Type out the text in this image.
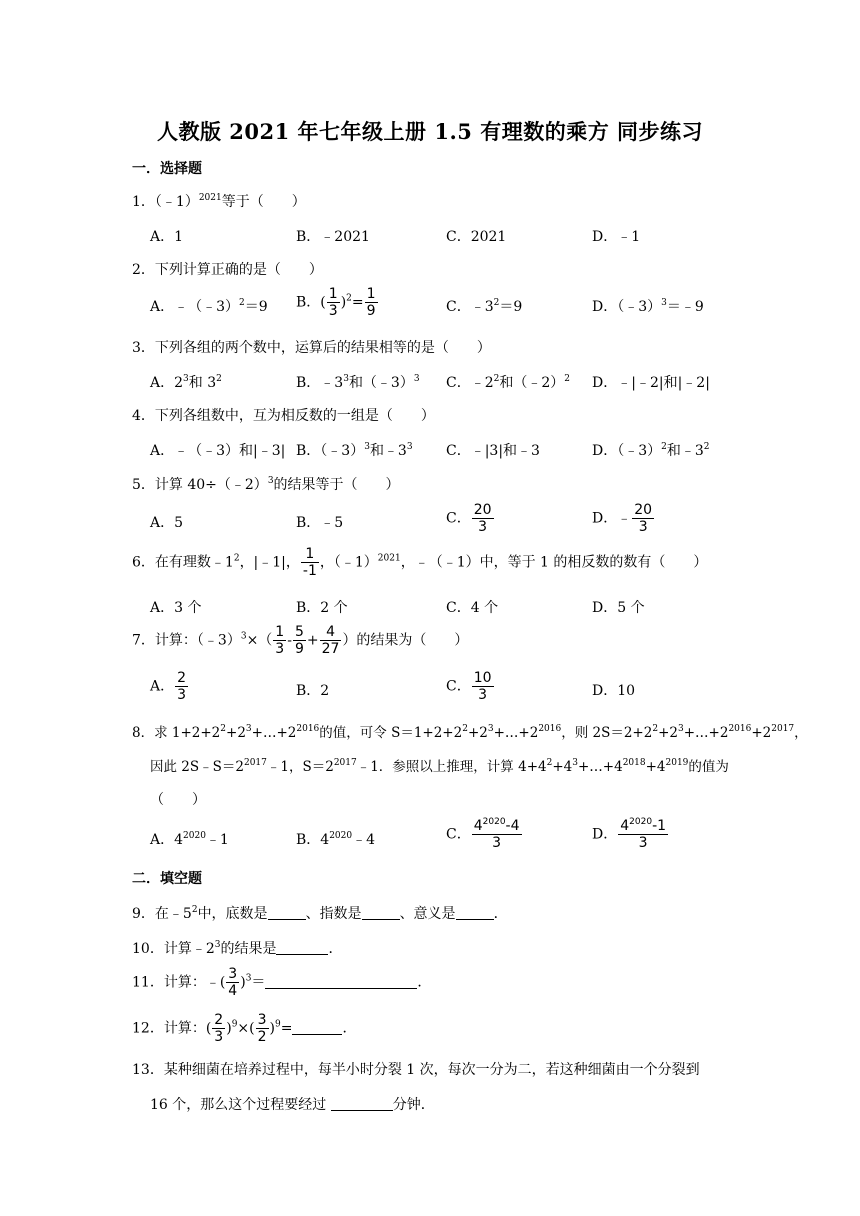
人教版 2021 年七年级上册 1.5 有理数的乘方 同步练习
一．选择题
1．（﹣1）$^{2021}$等于（　　）
A．1	B．﹣2021	C．2021	D．﹣1
2．下列计算正确的是（　　）
A．﹣（﹣3）$^2$＝9 B．( $\frac{1}{3} )^2= \frac{1}{9}$	C．$﹣3^2=9$	D．（﹣3）$^3$＝﹣9
3．下列各组的两个数中，运算后的结果相等的是（　　）
A．$2^3$和 $3^2$	B．$﹣3^3$和（﹣3）$^3$ C．$﹣2^2$和（﹣2）$^2$ D．﹣|﹣2|和|﹣2|
4．下列各组数中，互为相反数的一组是（　　）
A．﹣（﹣3）和|﹣3| B．（﹣3）$^3$和$﹣3^3$ C．﹣|3|和﹣3	D．（﹣3）$^2$和$﹣3^2$
5．计算 40÷（﹣2）$^3$的结果等于（　　）
A．5	B．﹣5	C． $\frac{20}{3}$	D．﹣ $\frac{20}{3}$
6．在有理数$﹣1^2$，|﹣1|， $\frac{1}{-1}$ ，（﹣1）$^{2021}$，﹣（﹣1）中，等于 1 的相反数的数有（　　）
A．3 个	B．2 个	C．4 个	D．5 个
7．计算：（﹣3）$^3$×（ $\frac{1}{3} - \frac{5}{9} + \frac{4}{27}$ ）的结果为（　　）
A． $\frac{2}{3}$	B．2	C． $\frac{10}{3}$	D．10
8．求 $1+2+2^2+2^3+\dots+2^{2016}$的值，可令 $S=1+2+2^2+2^3+\dots+2^{2016}$，则 $2S=2+2^2+2^3+\dots+2^{2016}+2^{2017}$，
因此 $2S﹣S=2^{2017}﹣1$，$S=2^{2017}﹣1$．参照以上推理，计算 $4+4^2+4^3+\dots+4^{2018}+4^{2019}$的值为
（　　）
A．$4^{2020}﹣1$	B．$4^{2020}﹣4$	C． $\frac{4^{2020}-4}{3}$	D． $\frac{4^{2020}-1}{3}$
二．填空题
9．在$﹣5^2$中，底数是	、指数是	、意义是	．
10．计算$﹣2^3$的结果是	．
11．计算：﹣( $\frac{3}{4} )^3=$	．
12．计算：( $\frac{2}{3} )^9\times( \frac{3}{2} )^9=$	．
13．某种细菌在培养过程中，每半小时分裂 1 次，每次一分为二，若这种细菌由一个分裂到
16 个，那么这个过程要经过	分钟．
